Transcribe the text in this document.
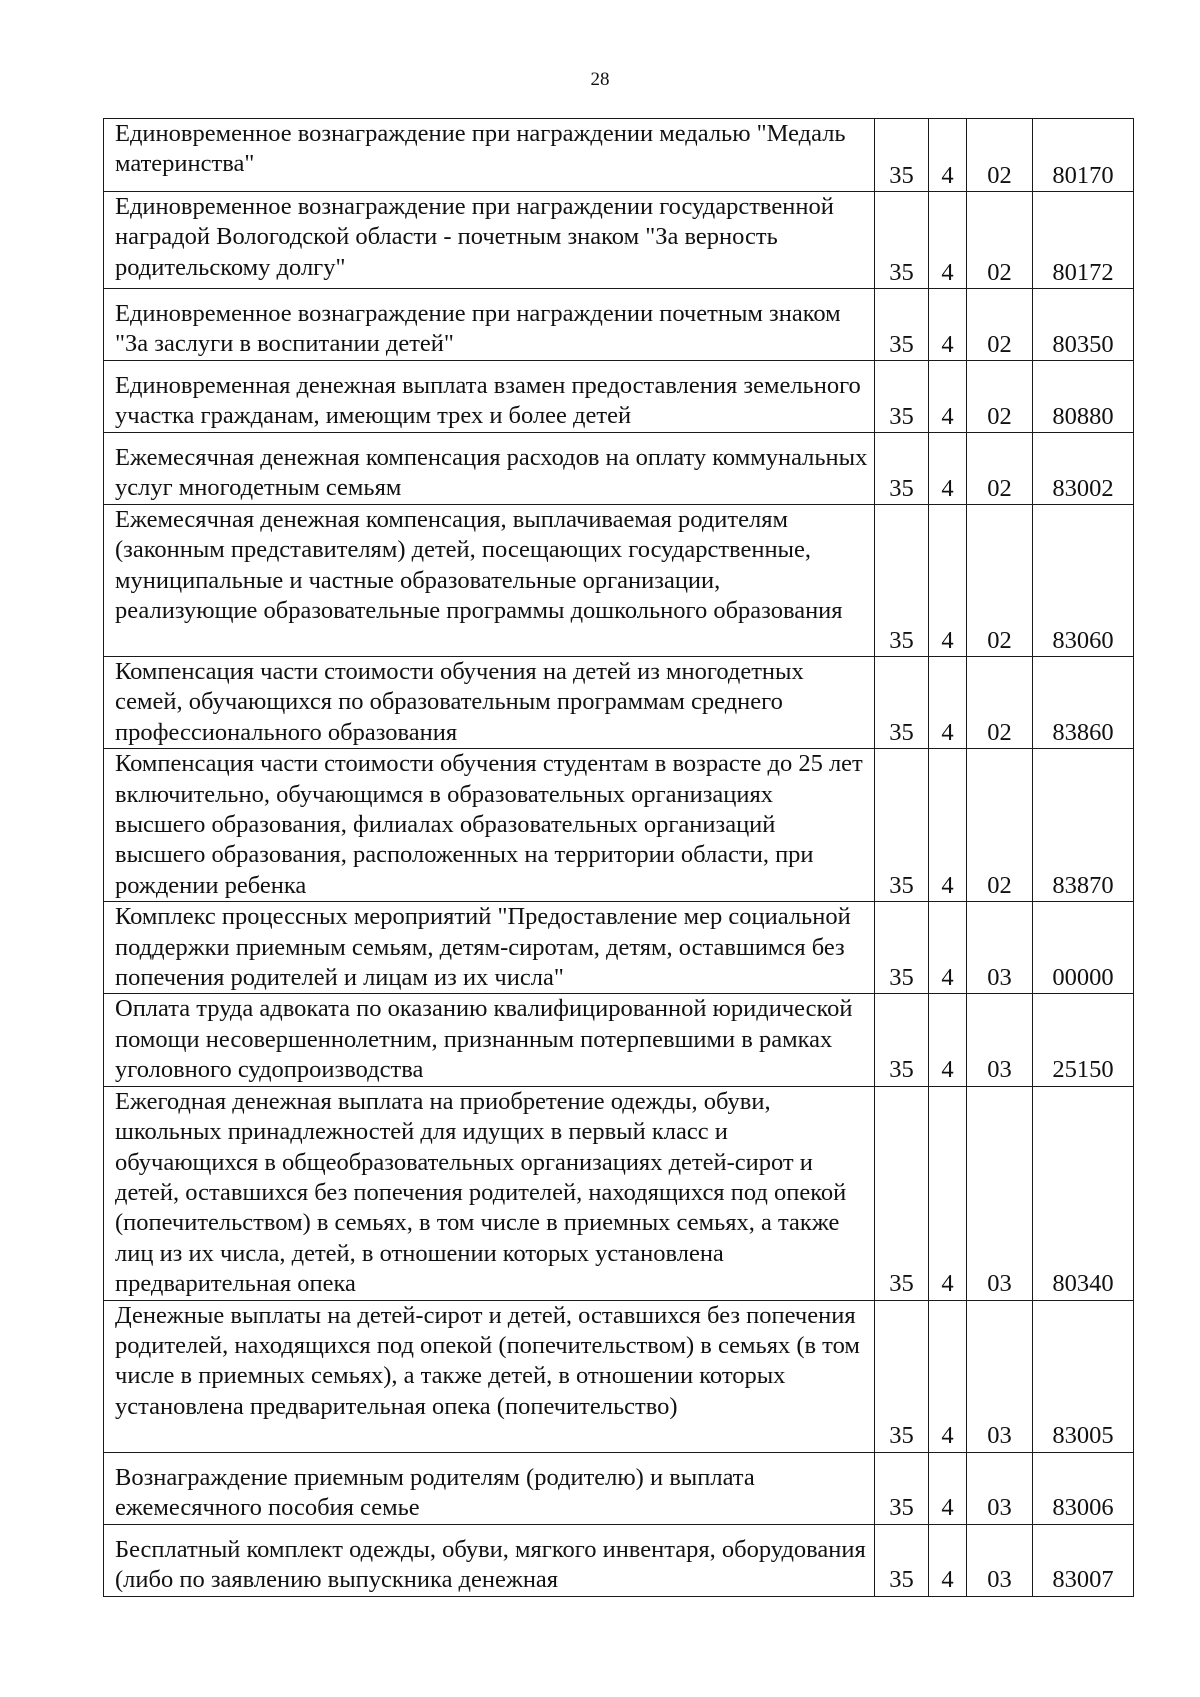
28
Единовременное вознаграждение при награждении медалью "Медаль материнства"	35	4	02	80170
Единовременное вознаграждение при награждении государственной наградой Вологодской области - почетным знаком "За верность родительскому долгу"	35	4	02	80172
Единовременное вознаграждение при награждении почетным знаком "За заслуги в воспитании детей"	35	4	02	80350
Единовременная денежная выплата взамен предоставления земельного участка гражданам, имеющим трех и более детей	35	4	02	80880
Ежемесячная денежная компенсация расходов на оплату коммунальных услуг многодетным семьям	35	4	02	83002
Ежемесячная денежная компенсация, выплачиваемая родителям (законным представителям) детей, посещающих государственные, муниципальные и частные образовательные организации, реализующие образовательные программы дошкольного образования	35	4	02	83060
Компенсация части стоимости обучения на детей из многодетных семей, обучающихся по образовательным программам среднего профессионального образования	35	4	02	83860
Компенсация части стоимости обучения студентам в возрасте до 25 лет включительно, обучающимся в образовательных организациях высшего образования, филиалах образовательных организаций высшего образования, расположенных на территории области, при рождении ребенка	35	4	02	83870
Комплекс процессных мероприятий "Предоставление мер социальной поддержки приемным семьям, детям-сиротам, детям, оставшимся без попечения родителей и лицам из их числа"	35	4	03	00000
Оплата труда адвоката по оказанию квалифицированной юридической помощи несовершеннолетним, признанным потерпевшими в рамках уголовного судопроизводства	35	4	03	25150
Ежегодная денежная выплата на приобретение одежды, обуви, школьных принадлежностей для идущих в первый класс и обучающихся в общеобразовательных организациях детей-сирот и детей, оставшихся без попечения родителей, находящихся под опекой (попечительством) в семьях, в том числе в приемных семьях, а также лиц из их числа, детей, в отношении которых установлена предварительная опека	35	4	03	80340
Денежные выплаты на детей-сирот и детей, оставшихся без попечения родителей, находящихся под опекой (попечительством) в семьях (в том числе в приемных семьях), а также детей, в отношении которых установлена предварительная опека (попечительство)	35	4	03	83005
Вознаграждение приемным родителям (родителю) и выплата ежемесячного пособия семье	35	4	03	83006
Бесплатный комплект одежды, обуви, мягкого инвентаря, оборудования (либо по заявлению выпускника денежная	35	4	03	83007
